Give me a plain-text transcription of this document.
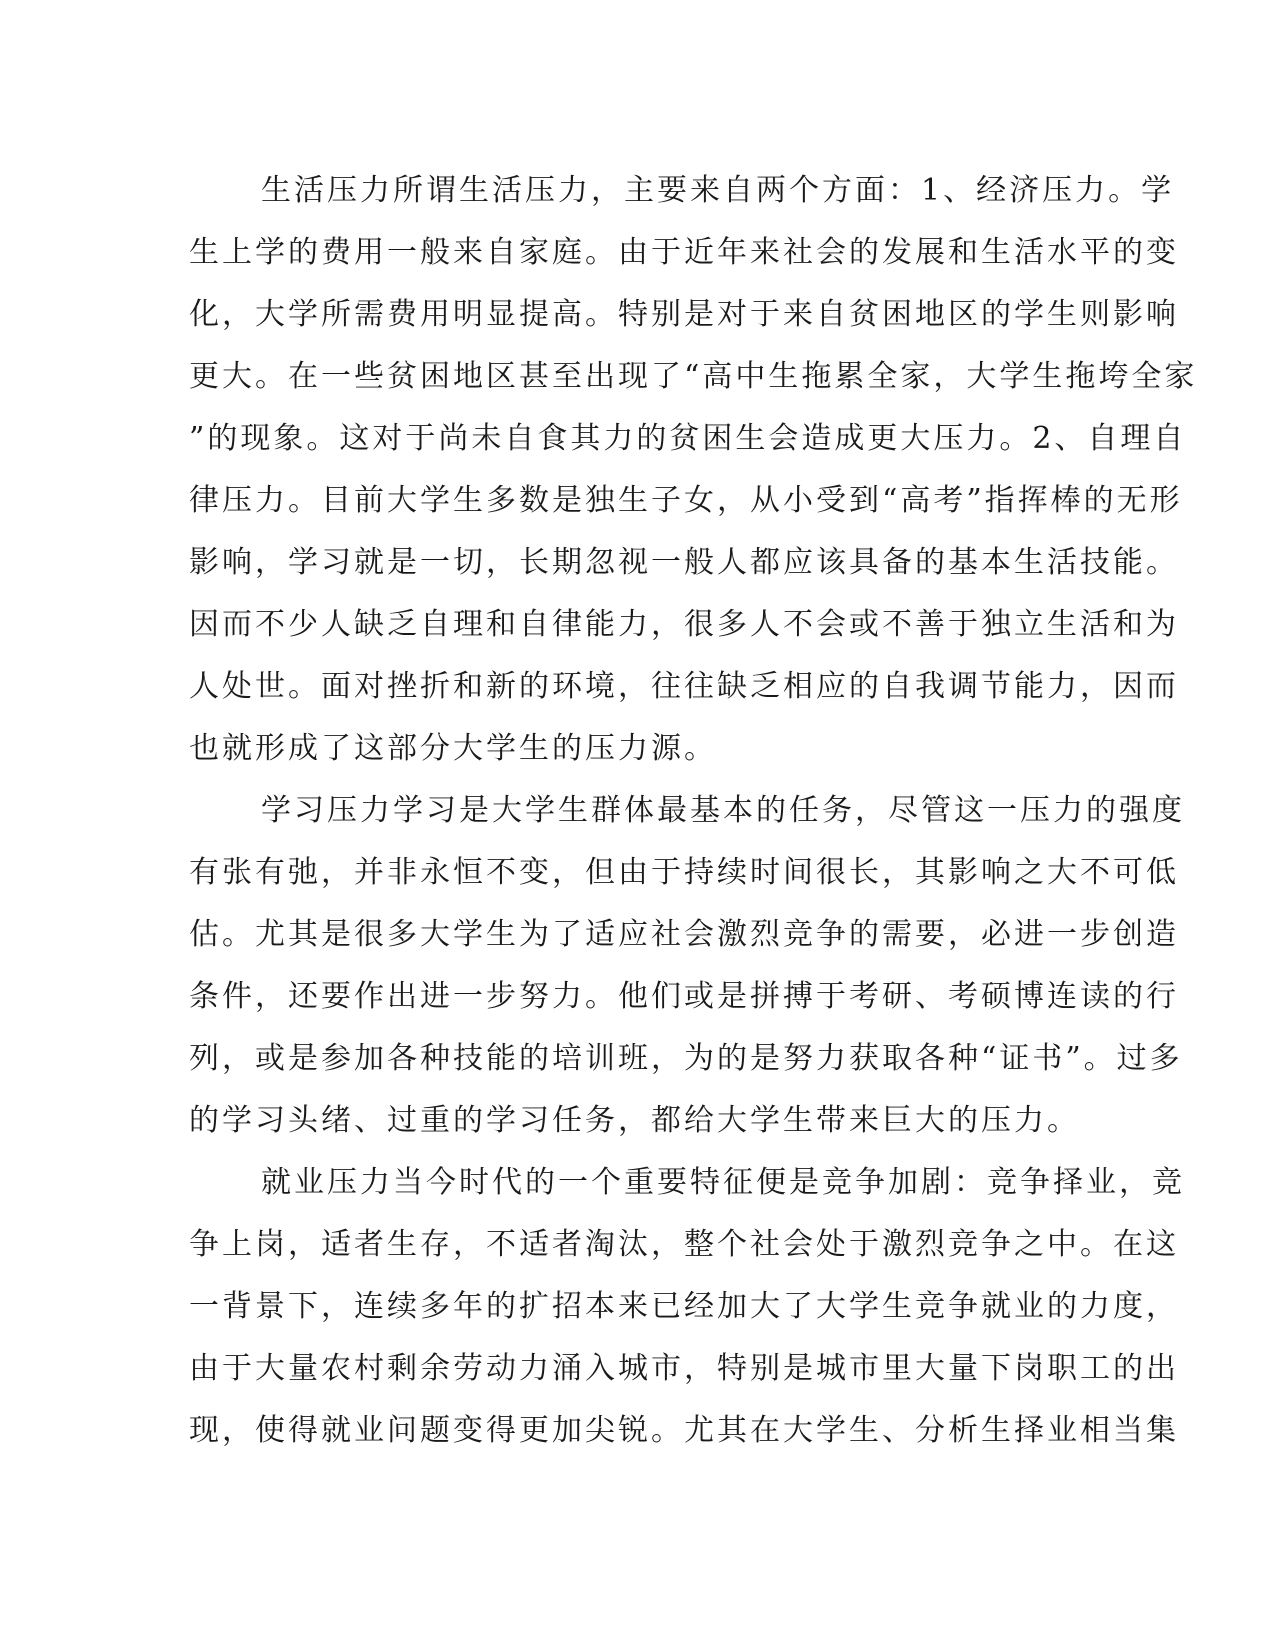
生活压力所谓生活压力，主要来自两个方面：1、经济压力。学
生上学的费用一般来自家庭。由于近年来社会的发展和生活水平的变
化，大学所需费用明显提高。特别是对于来自贫困地区的学生则影响
更大。在一些贫困地区甚至出现了“高中生拖累全家，大学生拖垮全家
”的现象。这对于尚未自食其力的贫困生会造成更大压力。2、自理自
律压力。目前大学生多数是独生子女，从小受到“高考”指挥棒的无形
影响，学习就是一切，长期忽视一般人都应该具备的基本生活技能。
因而不少人缺乏自理和自律能力，很多人不会或不善于独立生活和为
人处世。面对挫折和新的环境，往往缺乏相应的自我调节能力，因而
也就形成了这部分大学生的压力源。
学习压力学习是大学生群体最基本的任务，尽管这一压力的强度
有张有弛，并非永恒不变，但由于持续时间很长，其影响之大不可低
估。尤其是很多大学生为了适应社会激烈竞争的需要，必进一步创造
条件，还要作出进一步努力。他们或是拼搏于考研、考硕博连读的行
列，或是参加各种技能的培训班，为的是努力获取各种“证书”。过多
的学习头绪、过重的学习任务，都给大学生带来巨大的压力。
就业压力当今时代的一个重要特征便是竞争加剧：竞争择业，竞
争上岗，适者生存，不适者淘汰，整个社会处于激烈竞争之中。在这
一背景下，连续多年的扩招本来已经加大了大学生竞争就业的力度，
由于大量农村剩余劳动力涌入城市，特别是城市里大量下岗职工的出
现，使得就业问题变得更加尖锐。尤其在大学生、分析生择业相当集
